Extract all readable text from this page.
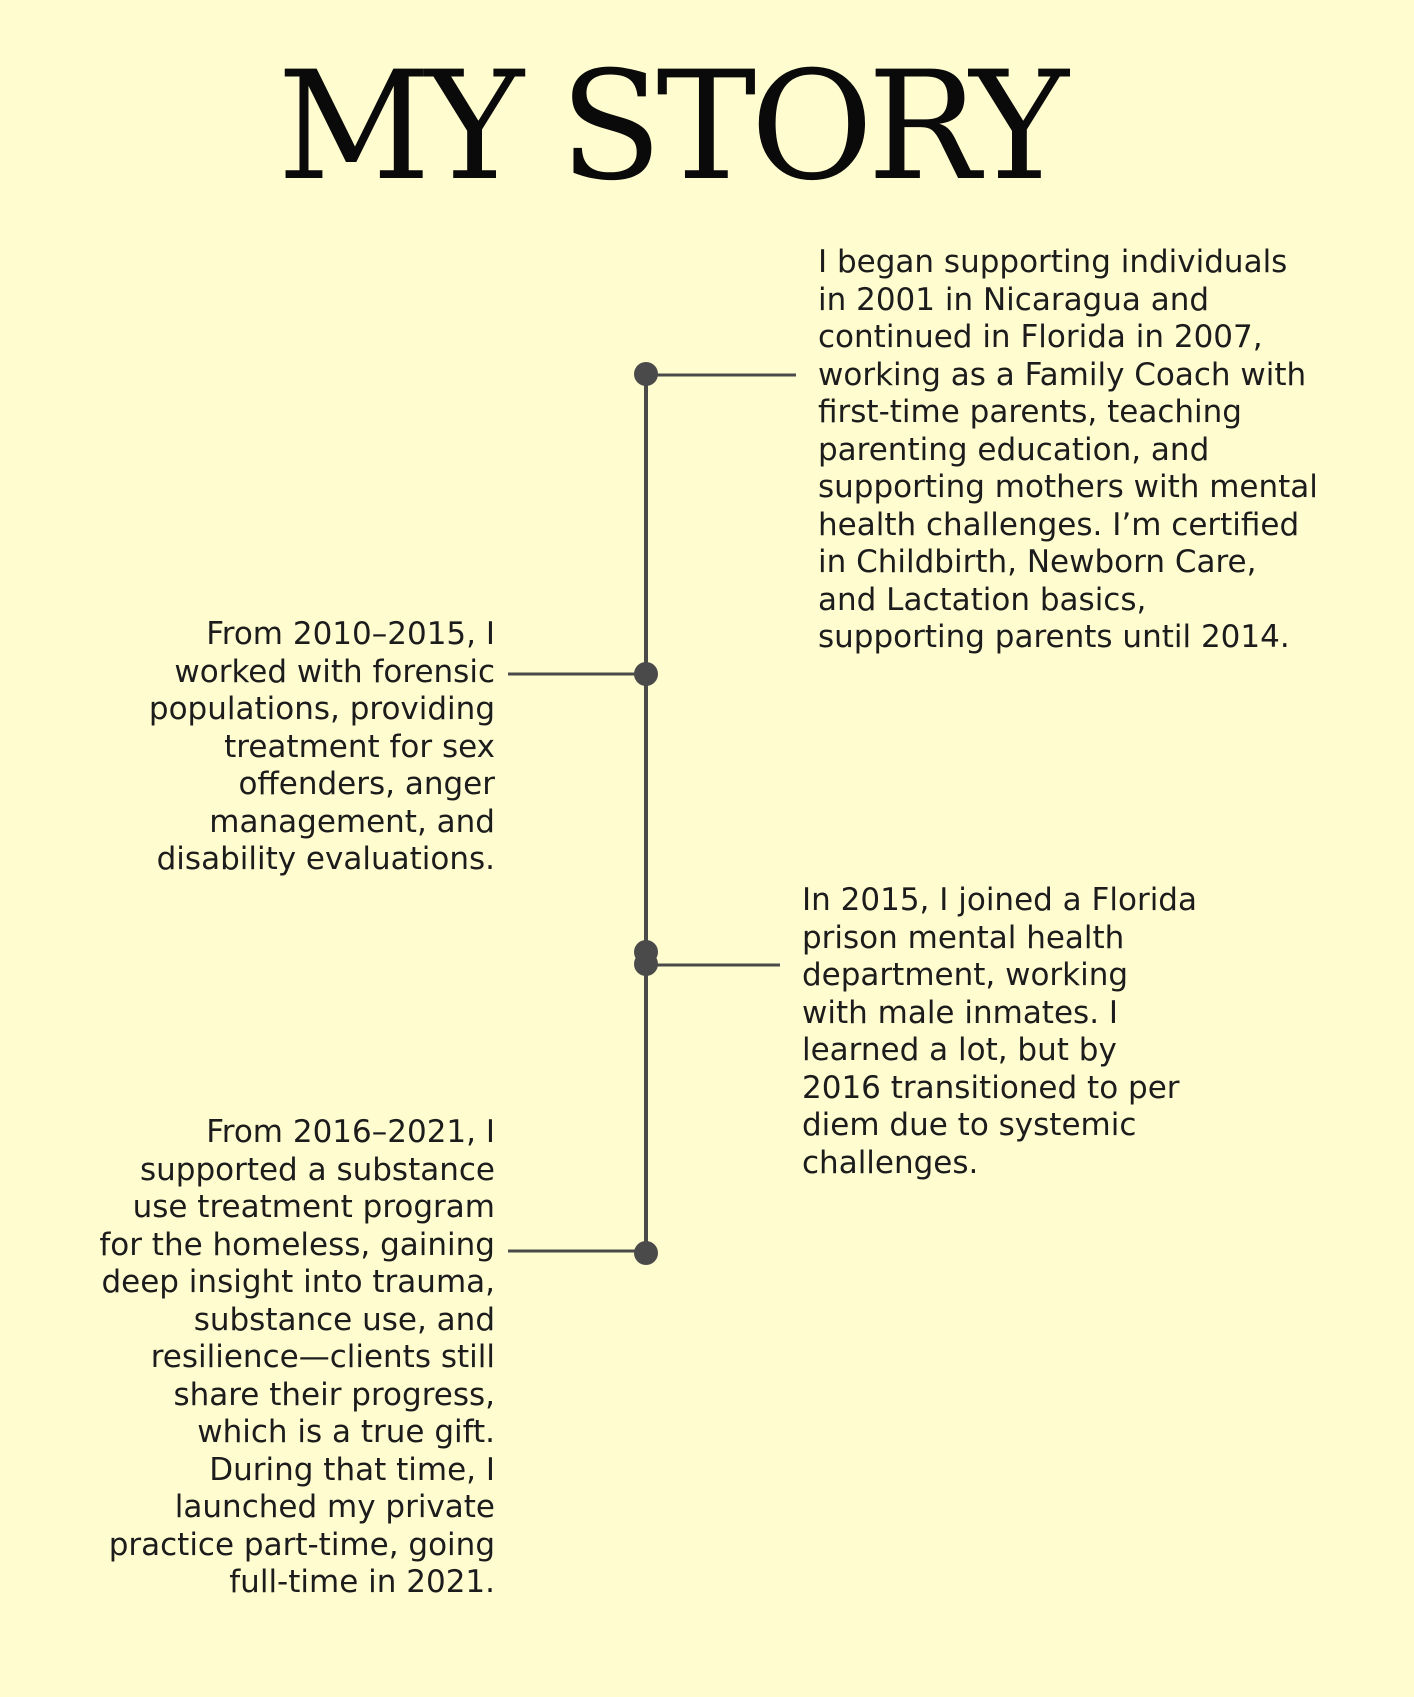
MY STORY

I began supporting individuals in 2001 in Nicaragua and continued in Florida in 2007, working as a Family Coach with first-time parents, teaching parenting education, and supporting mothers with mental health challenges. I’m certified in Childbirth, Newborn Care, and Lactation basics, supporting parents until 2014.

From 2010–2015, I worked with forensic populations, providing treatment for sex offenders, anger management, and disability evaluations.

In 2015, I joined a Florida prison mental health department, working with male inmates. I learned a lot, but by 2016 transitioned to per diem due to systemic challenges.

From 2016–2021, I supported a substance use treatment program for the homeless, gaining deep insight into trauma, substance use, and resilience—clients still share their progress, which is a true gift. During that time, I launched my private practice part-time, going full-time in 2021.
